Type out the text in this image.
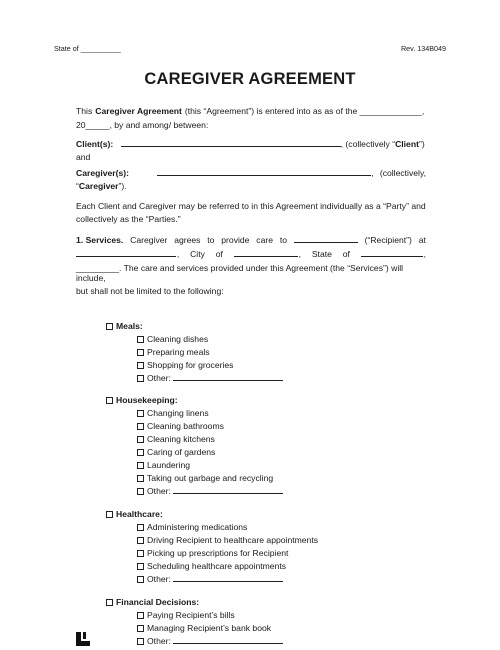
State of __________	Rev. 134B049
CAREGIVER AGREEMENT
This Caregiver Agreement (this “Agreement”) is entered into as as of the _____________,
20_____, by and among/ between:
Client(s):	, (collectively “Client”)
and
Caregiver(s):	, (collectively,
“Caregiver”).
Each Client and Caregiver may be referred to in this Agreement individually as a “Party” and
collectively as the “Parties.”
1. Services. Caregiver agrees to provide care to	(“Recipient”) at
, City of	, State of	,
_________. The care and services provided under this Agreement (the “Services”) will include,
but shall not be limited to the following:
Meals:
Cleaning dishes
Preparing meals
Shopping for groceries
Other:
Housekeeping:
Changing linens
Cleaning bathrooms
Cleaning kitchens
Caring of gardens
Laundering
Taking out garbage and recycling
Other:
Healthcare:
Administering medications
Driving Recipient to healthcare appointments
Picking up prescriptions for Recipient
Scheduling healthcare appointments
Other:
Financial Decisions:
Paying Recipient’s bills
Managing Recipient’s bank book
Other:
